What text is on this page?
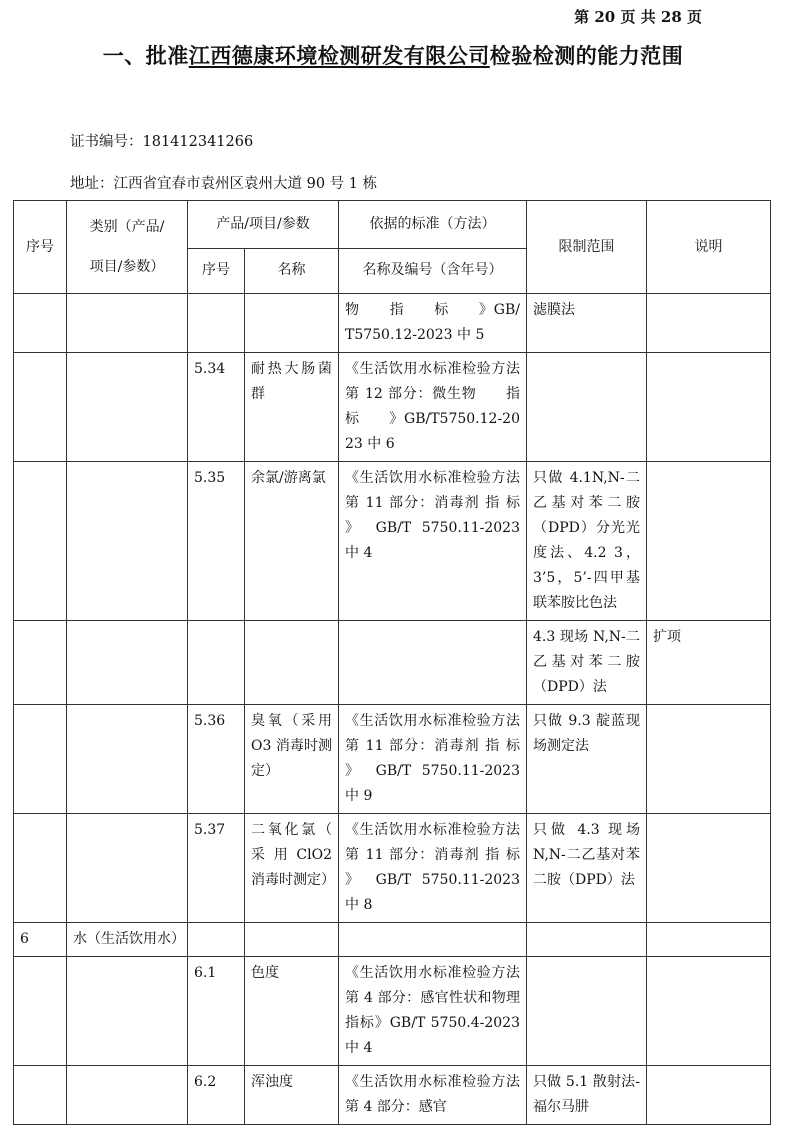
第 20 页 共 28 页
一、批准江西德康环境检测研发有限公司检验检测的能力范围
证书编号：181412341266
地址：江西省宜春市袁州区袁州大道 90 号 1 栋
序号	类别（产品/
项目/参数）	产品/项目/参数		依据的标准（方法）	限制范围	说明
		序号	名称	名称及编号（含年号）		
				物　　指　　标　　》GB/T5750.12-2023 中 5	滤膜法	
		5.34	耐热大肠菌群	《生活饮用水标准检验方法 第 12 部分：微生物　　指　　标　　》GB/T5750.12-2023 中 6		
		5.35	余氯/游离氯	《生活饮用水标准检验方法 第 11 部分：消毒剂 指 标 》 GB/T 5750.11-2023 中 4	只做 4.1N,N-二乙基对苯二胺（DPD）分光光度法、4.2 3，3’5，5’-四甲基联苯胺比色法	
					4.3 现场 N,N-二乙基对苯二胺（DPD）法	扩项
		5.36	臭氧（采用 O3 消毒时测定）	《生活饮用水标准检验方法　第 11 部分：消毒剂 指 标 》 GB/T 5750.11-2023 中 9	只做 9.3 靛蓝现场测定法	
		5.37	二氧化氯（ 采 用 ClO2 消毒时测定）	《生活饮用水标准检验方法 第 11 部分：消毒剂 指 标 》 GB/T 5750.11-2023 中 8	只做 4.3 现场 N,N-二乙基对苯二胺（DPD）法	
6	水（生活饮用水）					
		6.1	色度	《生活饮用水标准检验方法 第 4 部分：感官性状和物理指标》GB/T 5750.4-2023 中 4		
		6.2	浑浊度	《生活饮用水标准检验方法　第 4 部分：感官	只做 5.1 散射法-福尔马肼	
